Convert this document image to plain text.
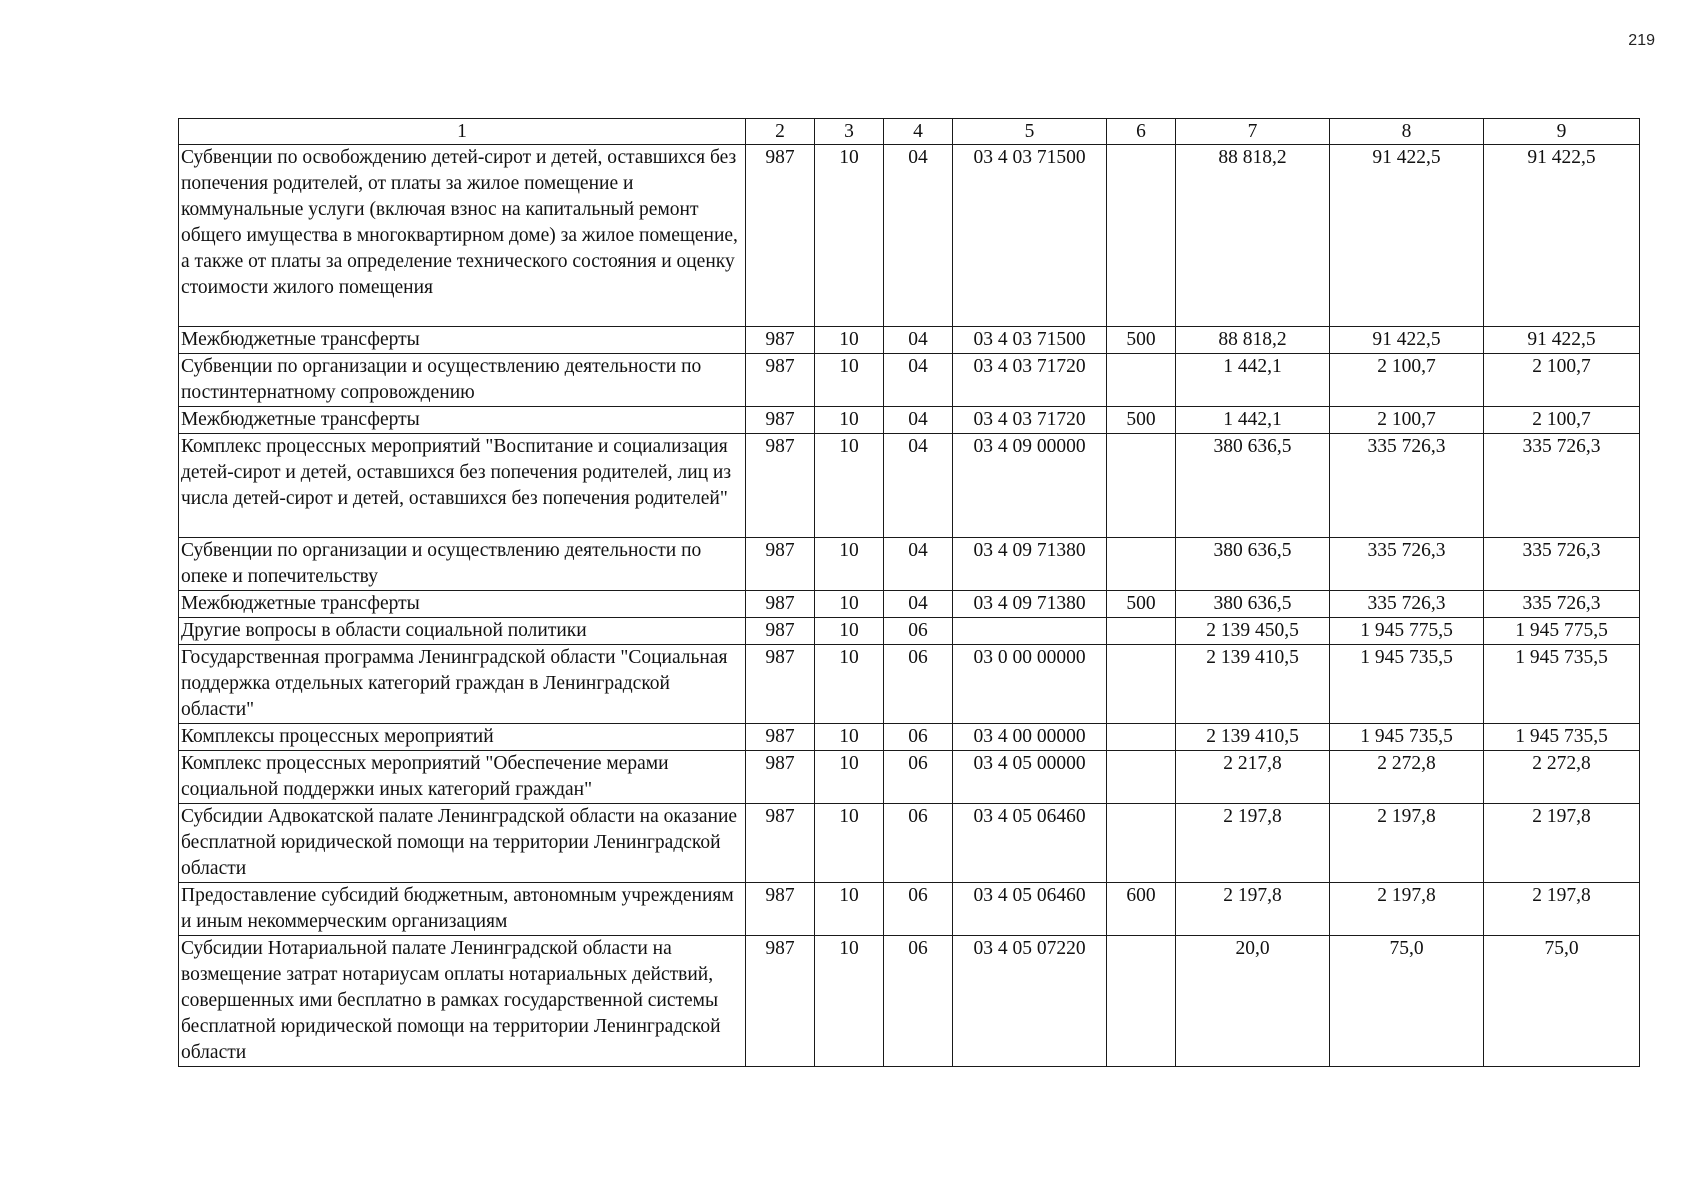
219
1	2	3	4	5	6	7	8	9
Субвенции по освобождению детей-сирот и детей, оставшихся без попечения родителей, от платы за жилое помещение и коммунальные услуги (включая взнос на капитальный ремонт общего имущества в многоквартирном доме) за жилое помещение, а также от платы за определение технического состояния и оценку стоимости жилого помещения	987	10	04	03 4 03 71500		88 818,2	91 422,5	91 422,5
Межбюджетные трансферты	987	10	04	03 4 03 71500	500	88 818,2	91 422,5	91 422,5
Субвенции по организации и осуществлению деятельности по постинтернатному сопровождению	987	10	04	03 4 03 71720		1 442,1	2 100,7	2 100,7
Межбюджетные трансферты	987	10	04	03 4 03 71720	500	1 442,1	2 100,7	2 100,7
Комплекс процессных мероприятий "Воспитание и социализация детей-сирот и детей, оставшихся без попечения родителей, лиц из числа детей-сирот и детей, оставшихся без попечения родителей"	987	10	04	03 4 09 00000		380 636,5	335 726,3	335 726,3
Субвенции по организации и осуществлению деятельности по опеке и попечительству	987	10	04	03 4 09 71380		380 636,5	335 726,3	335 726,3
Межбюджетные трансферты	987	10	04	03 4 09 71380	500	380 636,5	335 726,3	335 726,3
Другие вопросы в области социальной политики	987	10	06			2 139 450,5	1 945 775,5	1 945 775,5
Государственная программа Ленинградской области "Социальная поддержка отдельных категорий граждан в Ленинградской области"	987	10	06	03 0 00 00000		2 139 410,5	1 945 735,5	1 945 735,5
Комплексы процессных мероприятий	987	10	06	03 4 00 00000		2 139 410,5	1 945 735,5	1 945 735,5
Комплекс процессных мероприятий "Обеспечение мерами социальной поддержки иных категорий граждан"	987	10	06	03 4 05 00000		2 217,8	2 272,8	2 272,8
Субсидии Адвокатской палате Ленинградской области на оказание бесплатной юридической помощи на территории Ленинградской области	987	10	06	03 4 05 06460		2 197,8	2 197,8	2 197,8
Предоставление субсидий бюджетным, автономным учреждениям и иным некоммерческим организациям	987	10	06	03 4 05 06460	600	2 197,8	2 197,8	2 197,8
Субсидии Нотариальной палате Ленинградской области на возмещение затрат нотариусам оплаты нотариальных действий, совершенных ими бесплатно в рамках государственной системы бесплатной юридической помощи на территории Ленинградской области	987	10	06	03 4 05 07220		20,0	75,0	75,0
